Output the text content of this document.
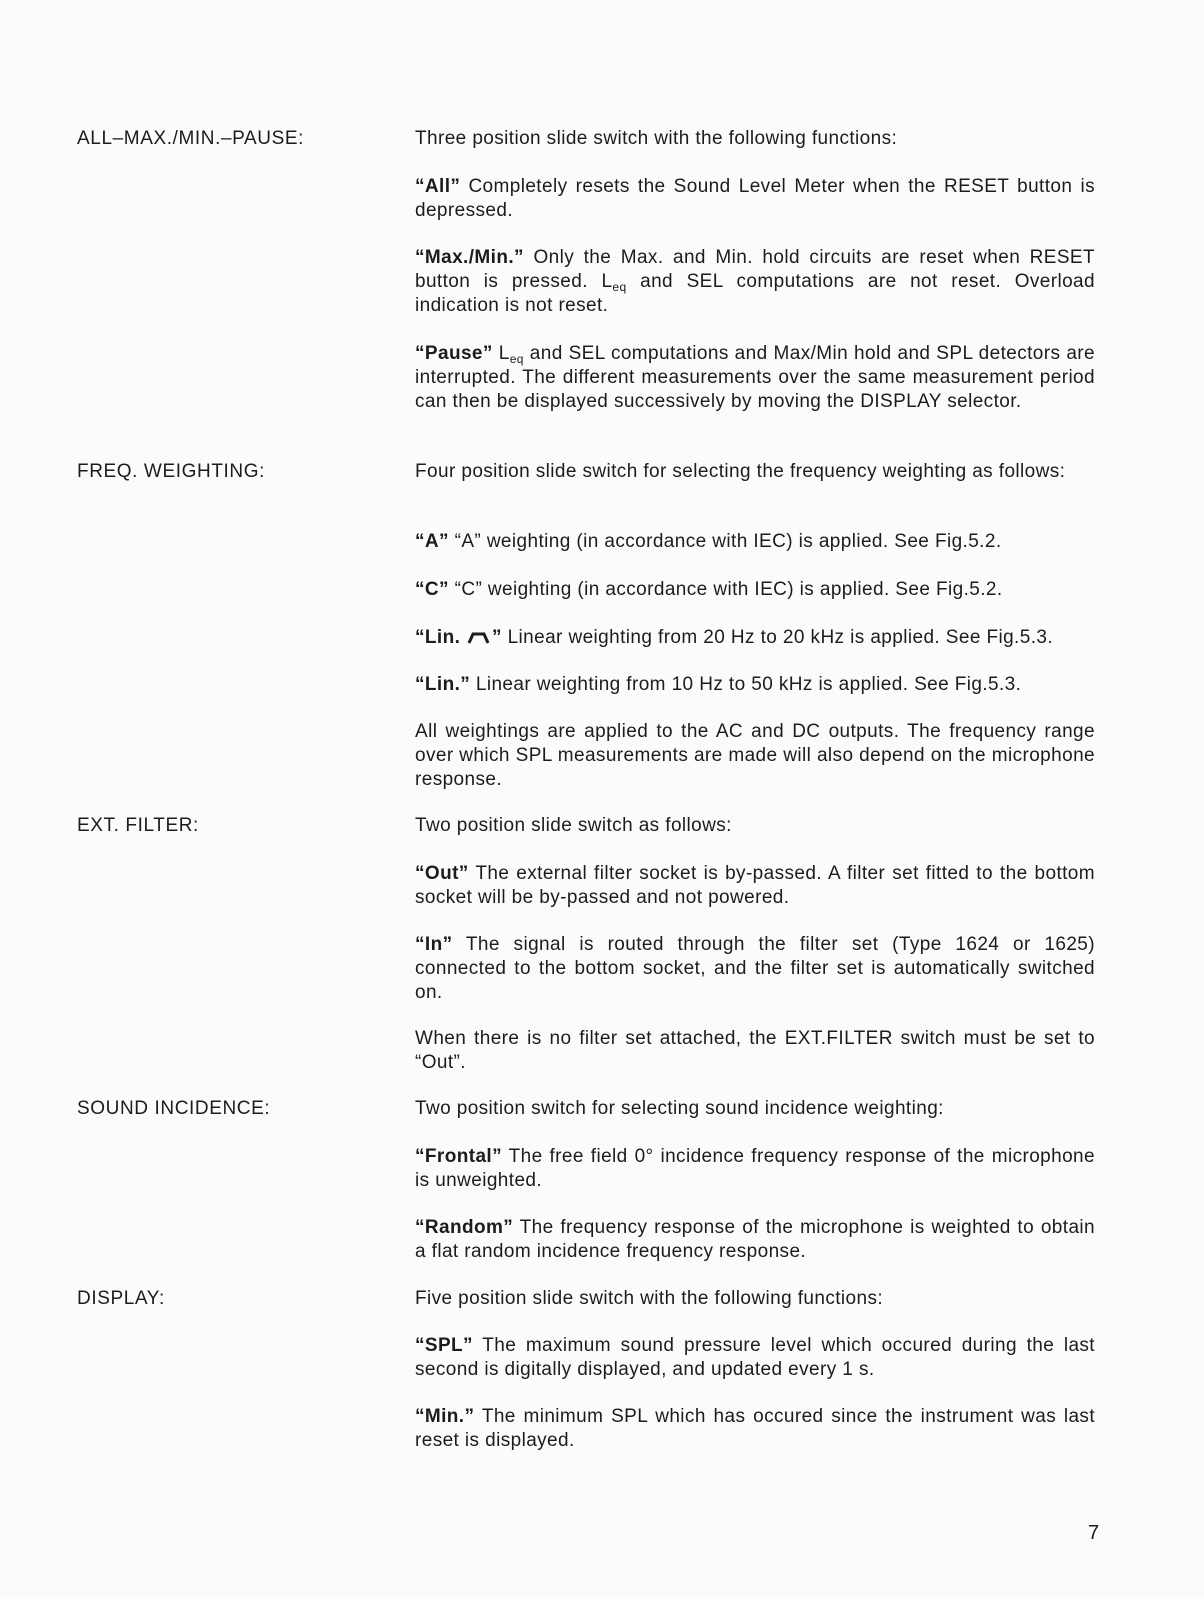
ALL–MAX./MIN.–PAUSE:	Three position slide switch with the following functions:
“All” Completely resets the Sound Level Meter when the RESET button is depressed.
“Max./Min.” Only the Max. and Min. hold circuits are reset when RESET button is pressed. $L_{eq}$ and SEL computations are not reset. Overload indication is not reset.
“Pause” $L_{eq}$ and SEL computations and Max/Min hold and SPL detectors are interrupted. The different measurements over the same measurement period can then be displayed successively by moving the DISPLAY selector.
FREQ. WEIGHTING:	Four position slide switch for selecting the frequency weighting as follows:
“A” “A” weighting (in accordance with IEC) is applied. See Fig.5.2.
“C” “C” weighting (in accordance with IEC) is applied. See Fig.5.2.
“Lin. ” Linear weighting from 20 Hz to 20 kHz is applied. See Fig.5.3.
“Lin.” Linear weighting from 10 Hz to 50 kHz is applied. See Fig.5.3.
All weightings are applied to the AC and DC outputs. The frequency range over which SPL measurements are made will also depend on the microphone response.
EXT. FILTER:	Two position slide switch as follows:
“Out” The external filter socket is by-passed. A filter set fitted to the bottom socket will be by-passed and not powered.
“In” The signal is routed through the filter set (Type 1624 or 1625) connected to the bottom socket, and the filter set is automatically switched on.
When there is no filter set attached, the EXT.FILTER switch must be set to “Out”.
SOUND INCIDENCE:	Two position switch for selecting sound incidence weighting:
“Frontal” The free field 0° incidence frequency response of the microphone is unweighted.
“Random” The frequency response of the microphone is weighted to obtain a flat random incidence frequency response.
DISPLAY:	Five position slide switch with the following functions:
“SPL” The maximum sound pressure level which occured during the last second is digitally displayed, and updated every 1 s.
“Min.” The minimum SPL which has occured since the instrument was last reset is displayed.
7
